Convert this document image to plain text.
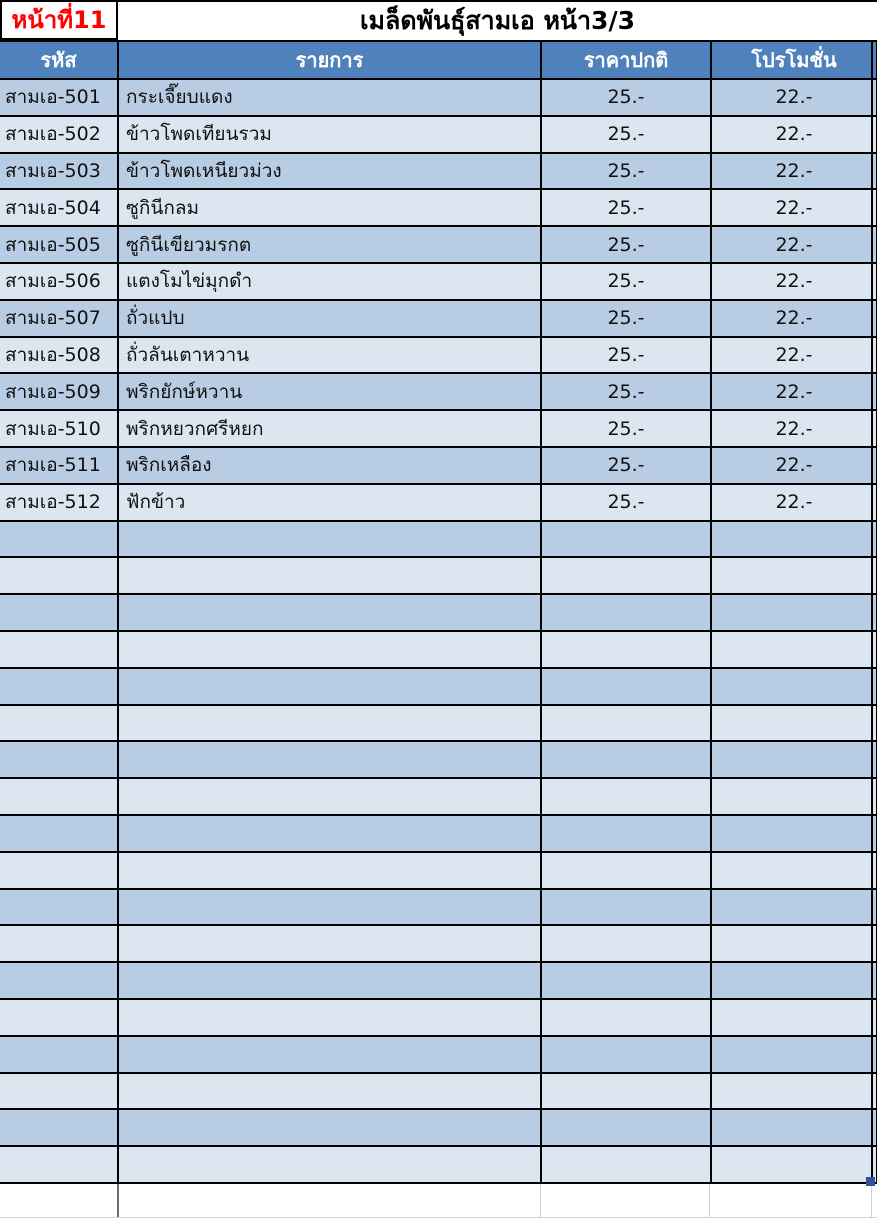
หน้าที่11	เมล็ดพันธุ์สามเอ หน้า3/3
รหัส	รายการ	ราคาปกติ	โปรโมชั่น
สามเอ-501	กระเจี๊ยบแดง	25.-	22.-
สามเอ-502	ข้าวโพดเทียนรวม	25.-	22.-
สามเอ-503	ข้าวโพดเหนียวม่วง	25.-	22.-
สามเอ-504	ซูกินีกลม	25.-	22.-
สามเอ-505	ซูกินีเขียวมรกต	25.-	22.-
สามเอ-506	แตงโมไข่มุกดำ	25.-	22.-
สามเอ-507	ถั่วแปบ	25.-	22.-
สามเอ-508	ถั่วลันเตาหวาน	25.-	22.-
สามเอ-509	พริกยักษ์หวาน	25.-	22.-
สามเอ-510	พริกหยวกศรีหยก	25.-	22.-
สามเอ-511	พริกเหลือง	25.-	22.-
สามเอ-512	ฟักข้าว	25.-	22.-
